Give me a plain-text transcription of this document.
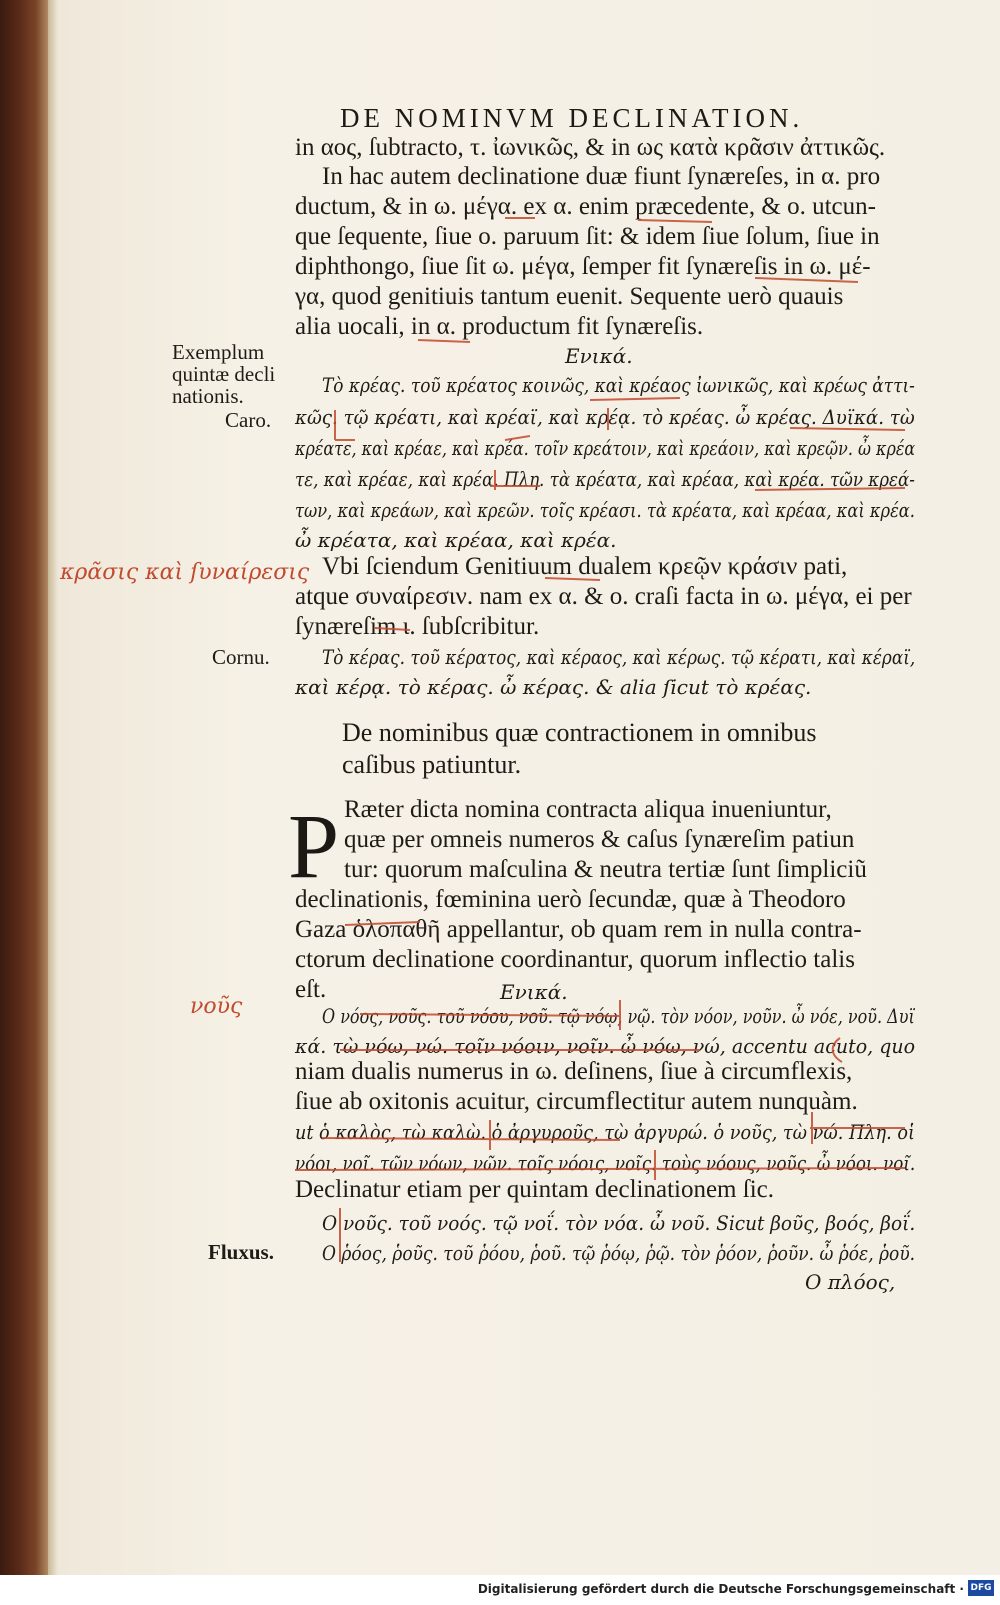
DE NOMINVM DECLINATION.
in αος, ſubtracto, τ. ἰωνικῶς, & in ως κατὰ κρᾶσιν ἀττικῶς.
In hac autem declinatione duæ fiunt ſynæreſes, in α. pro
ductum, & in ω. μέγα. ex α. enim præcedente, & ο. utcun-
que ſequente, ſiue ο. paruum ſit: & idem ſiue ſolum, ſiue in
diphthongo, ſiue ſit ω. μέγα, ſemper fit ſynæreſis in ω. μέ-
γα, quod genitiuis tantum euenit. Sequente uerò quauis
alia uocali, in α. productum fit ſynæreſis.
Ενικά.
Τὸ κρέας. τοῦ κρέατος κοινῶς, καὶ κρέαος ἰωνικῶς, καὶ κρέως ἀττι-
κῶς. τῷ κρέατι, καὶ κρέαϊ, καὶ κρέᾳ. τὸ κρέας. ὦ κρέας. Δυϊκά. τὼ
κρέατε, καὶ κρέαε, καὶ κρέα. τοῖν κρεάτοιν, καὶ κρεάοιν, καὶ κρεῷν. ὦ κρέα
τε, καὶ κρέαε, καὶ κρέα. Πλη. τὰ κρέατα, καὶ κρέαα, καὶ κρέα. τῶν κρεά-
των, καὶ κρεάων, καὶ κρεῶν. τοῖς κρέασι. τὰ κρέατα, καὶ κρέαα, καὶ κρέα.
ὦ κρέατα, καὶ κρέαα, καὶ κρέα.
Vbi ſciendum Genitiuum dualem κρεῷν κράσιν pati,
atque συναίρεσιν. nam ex α. & ο. craſi facta in ω. μέγα, ei per
ſynæreſim ι. ſubſcribitur.
Τὸ κέρας. τοῦ κέρατος, καὶ κέραος, καὶ κέρως. τῷ κέρατι, καὶ κέραϊ,
καὶ κέρᾳ. τὸ κέρας. ὦ κέρας. & alia ſicut τὸ κρέας.
De nominibus quæ contractionem in omnibus
caſibus patiuntur.
P Ræter dicta nomina contracta aliqua inueniuntur,
quæ per omneis numeros & caſus ſynæreſim patiun
tur: quorum maſculina & neutra tertiæ ſunt ſimpliciũ
declinationis, fœminina uerò ſecundæ, quæ à Theodoro
Gaza ὁλοπαθῆ appellantur, ob quam rem in nulla contra-
ctorum declinatione coordinantur, quorum inflectio talis
eſt.	Ενικά.
Ο νόος, νοῦς. τοῦ νόου, νοῦ. τῷ νόῳ, νῷ. τὸν νόον, νοῦν. ὦ νόε, νοῦ. Δυϊ
κά. τὼ νόω, νώ. τοῖν νόοιν, νοῖν. ὦ νόω, νώ, accentu acuto, quo
niam dualis numerus in ω. deſinens, ſiue à circumflexis,
ſiue ab oxitonis acuitur, circumflectitur autem nunquàm.
ut ὁ καλὸς, τὼ καλὼ. ὁ ἀργυροῦς, τὼ ἀργυρώ. ὁ νοῦς, τὼ νώ. Πλη. οἱ
νόοι, νοῖ. τῶν νόων, νῶν. τοῖς νόοις, νοῖς. τοὺς νόους, νοῦς. ὦ νόοι. νοῖ.
Declinatur etiam per quintam declinationem ſic.
Ο νοῦς. τοῦ νοός. τῷ νοΐ. τὸν νόα. ὦ νοῦ. Sicut βοῦς, βοός, βοΐ.
Ο ῥόος, ῥοῦς. τοῦ ῥόου, ῥοῦ. τῷ ῥόῳ, ῥῷ. τὸν ῥόον, ῥοῦν. ὦ ῥόε, ῥοῦ.
Ο πλόος,
Exemplum
quintæ decli
nationis.
Caro.
Cornu.
Fluxus.
κρᾶσις καὶ ſυναίρεσις
νοῦς
Digitalisierung gefördert durch die Deutsche Forschungsgemeinschaft · DFG
